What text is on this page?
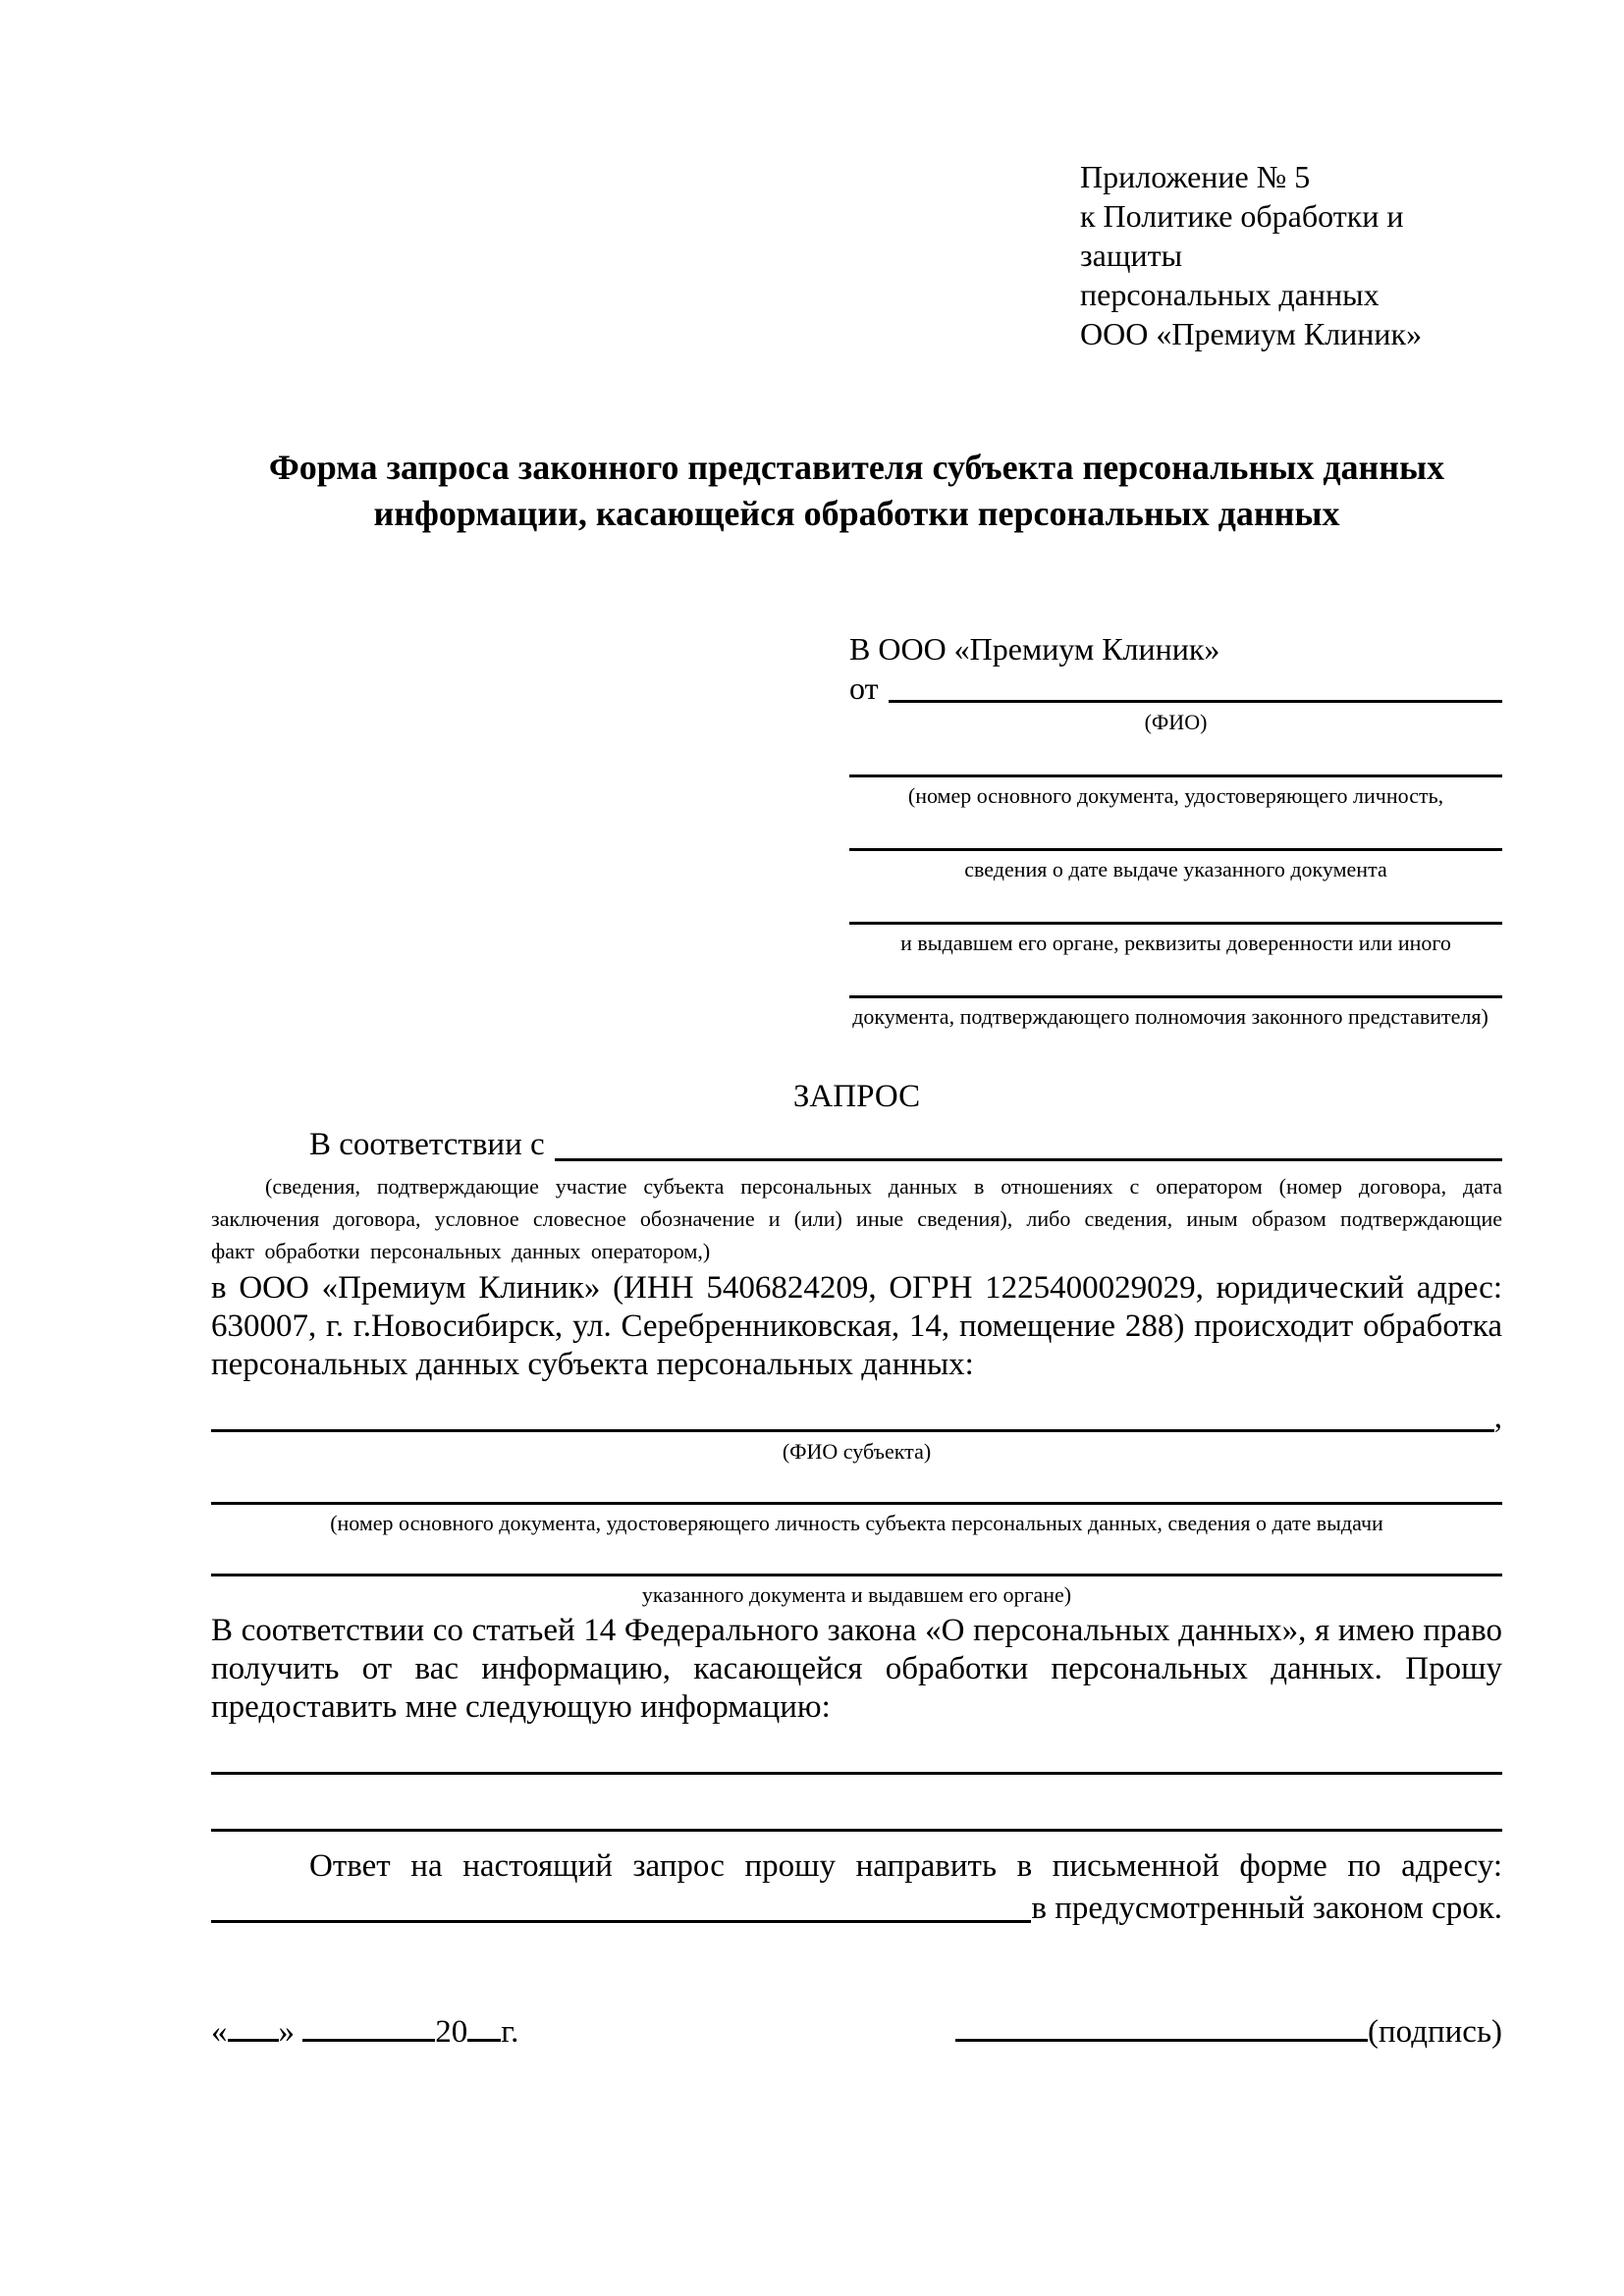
Приложение № 5
к Политике обработки и защиты
персональных данных
ООО «Премиум Клиник»
Форма запроса законного представителя субъекта персональных данных информации, касающейся обработки персональных данных
В ООО «Премиум Клиник»
от
(ФИО)
(номер основного документа, удостоверяющего личность,
сведения о дате выдаче указанного документа
и выдавшем его органе, реквизиты доверенности или иного
документа, подтверждающего полномочия законного представителя)
ЗАПРОС
В соответствии с

(сведения, подтверждающие участие субъекта персональных данных в отношениях с оператором (номер договора, дата заключения договора, условное словесное обозначение и (или) иные сведения), либо сведения, иным образом подтверждающие факт обработки персональных данных оператором,)

в ООО «Премиум Клиник» (ИНН 5406824209, ОГРН 1225400029029, юридический адрес: 630007, г. г.Новосибирск, ул. Серебренниковская, 14, помещение 288) происходит обработка персональных данных субъекта персональных данных:

,
(ФИО субъекта)
(номер основного документа, удостоверяющего личность субъекта персональных данных, сведения о дате выдачи
указанного документа и выдавшем его органе)

В соответствии со статьей 14 Федерального закона «О персональных данных», я имею право получить от вас информацию, касающейся обработки персональных данных. Прошу предоставить мне следующую информацию:

Ответ на настоящий запрос прошу направить в письменной форме по адресу:
в предусмотренный законом срок.
« »	20 г.	(подпись)
